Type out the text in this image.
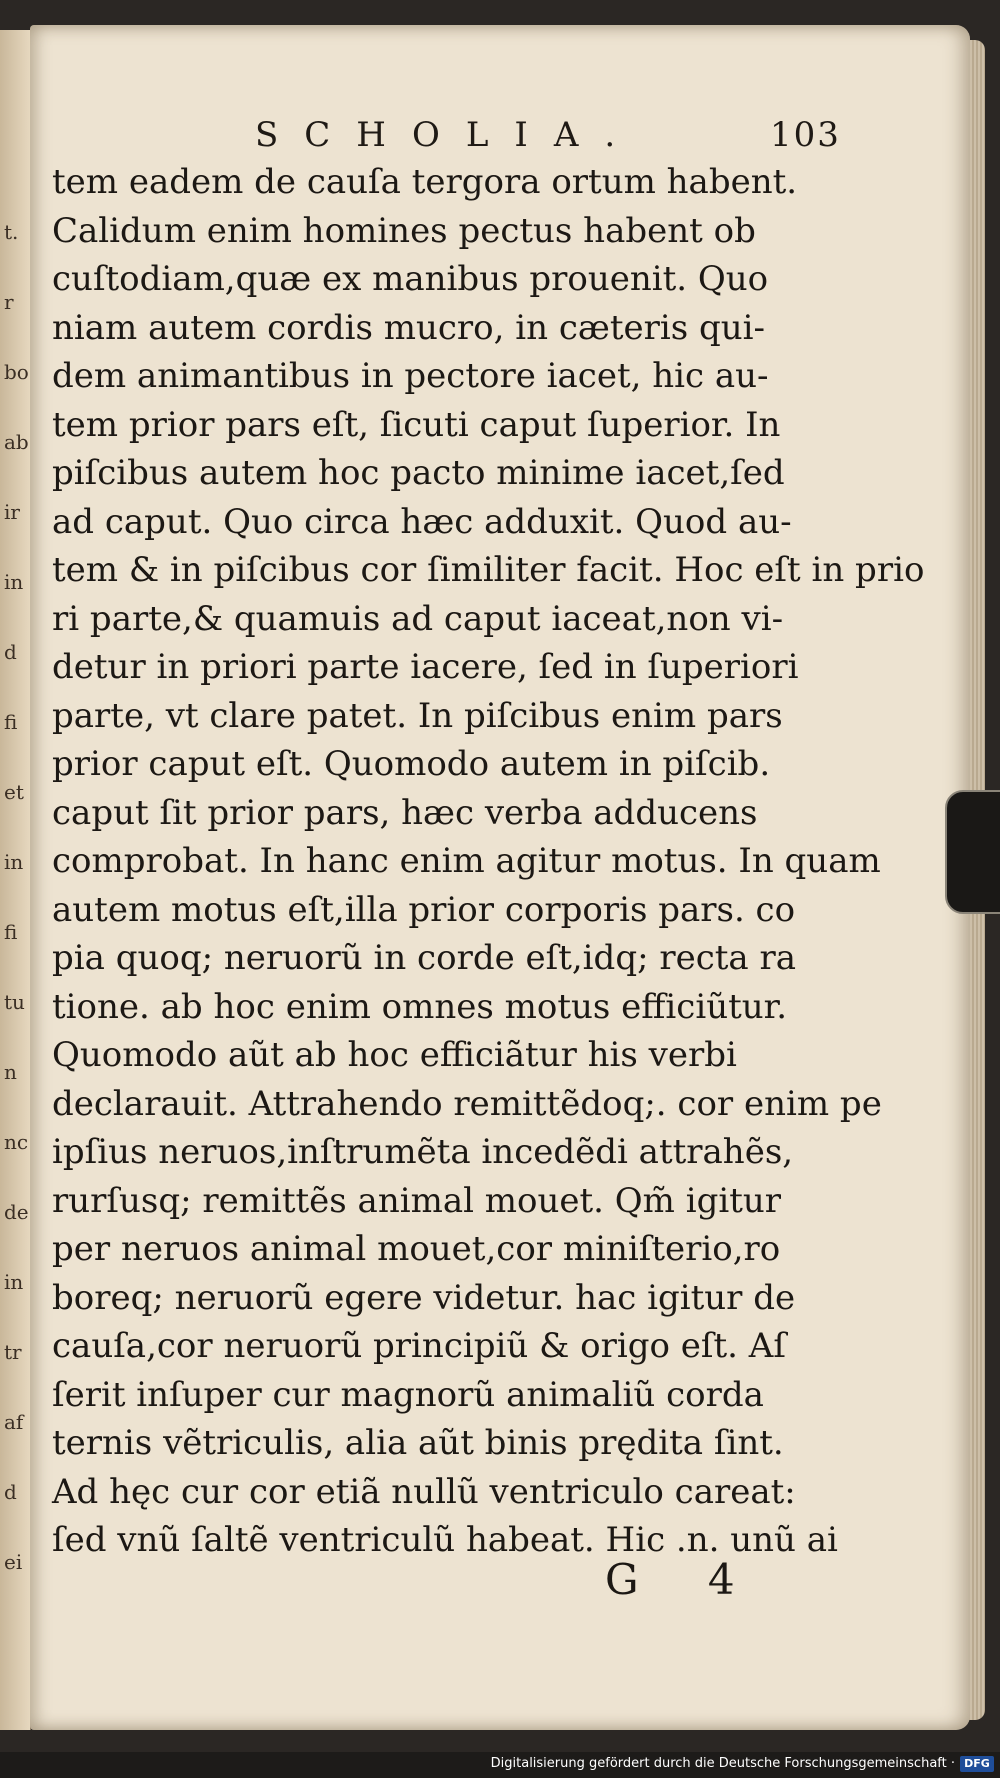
t.
r
bo
ab
ir
in
d
fi
et
in
fi
tu
n
nc
de
in
tr
af
d
ei
SCHOLIA.	103
tem eadem de cauſa tergora ortum habent.
Calidum enim homines pectus habent ob
cuſtodiam,quæ ex manibus prouenit. Quo
niam autem cordis mucro, in cæteris qui-
dem animantibus in pectore iacet, hic au-
tem prior pars eſt, ſicuti caput ſuperior. In
piſcibus autem hoc pacto minime iacet,ſed
ad caput. Quo circa hæc adduxit. Quod au-
tem & in piſcibus cor ſimiliter facit. Hoc eſt in prio
ri parte,& quamuis ad caput iaceat,non vi-
detur in priori parte iacere, ſed in ſuperiori
parte, vt clare patet. In piſcibus enim pars
prior caput eſt. Quomodo autem in piſcib.
caput ſit prior pars, hæc verba adducens
comprobat. In hanc enim agitur motus. In quam
autem motus eſt,illa prior corporis pars. co
pia quoq; neruorũ in corde eſt,idq; recta ra
tione. ab hoc enim omnes motus efficiũtur.
Quomodo aũt ab hoc efficiãtur his verbi
declarauit. Attrahendo remittẽdoq;. cor enim pe
ipſius neruos,inſtrumẽta incedẽdi attrahẽs,
rurſusq; remittẽs animal mouet. Qm̃ igitur
per neruos animal mouet,cor miniſterio,ro
boreq; neruorũ egere videtur. hac igitur de
cauſa,cor neruorũ principiũ & origo eſt. Aſ
ſerit inſuper cur magnorũ animaliũ corda
ternis vẽtriculis, alia aũt binis prędita ſint.
Ad hęc cur cor etiã nullũ ventriculo careat:
ſed vnũ ſaltẽ ventriculũ habeat. Hic .n. unũ ai
G 4
Digitalisierung gefördert durch die Deutsche Forschungsgemeinschaft · DFG
